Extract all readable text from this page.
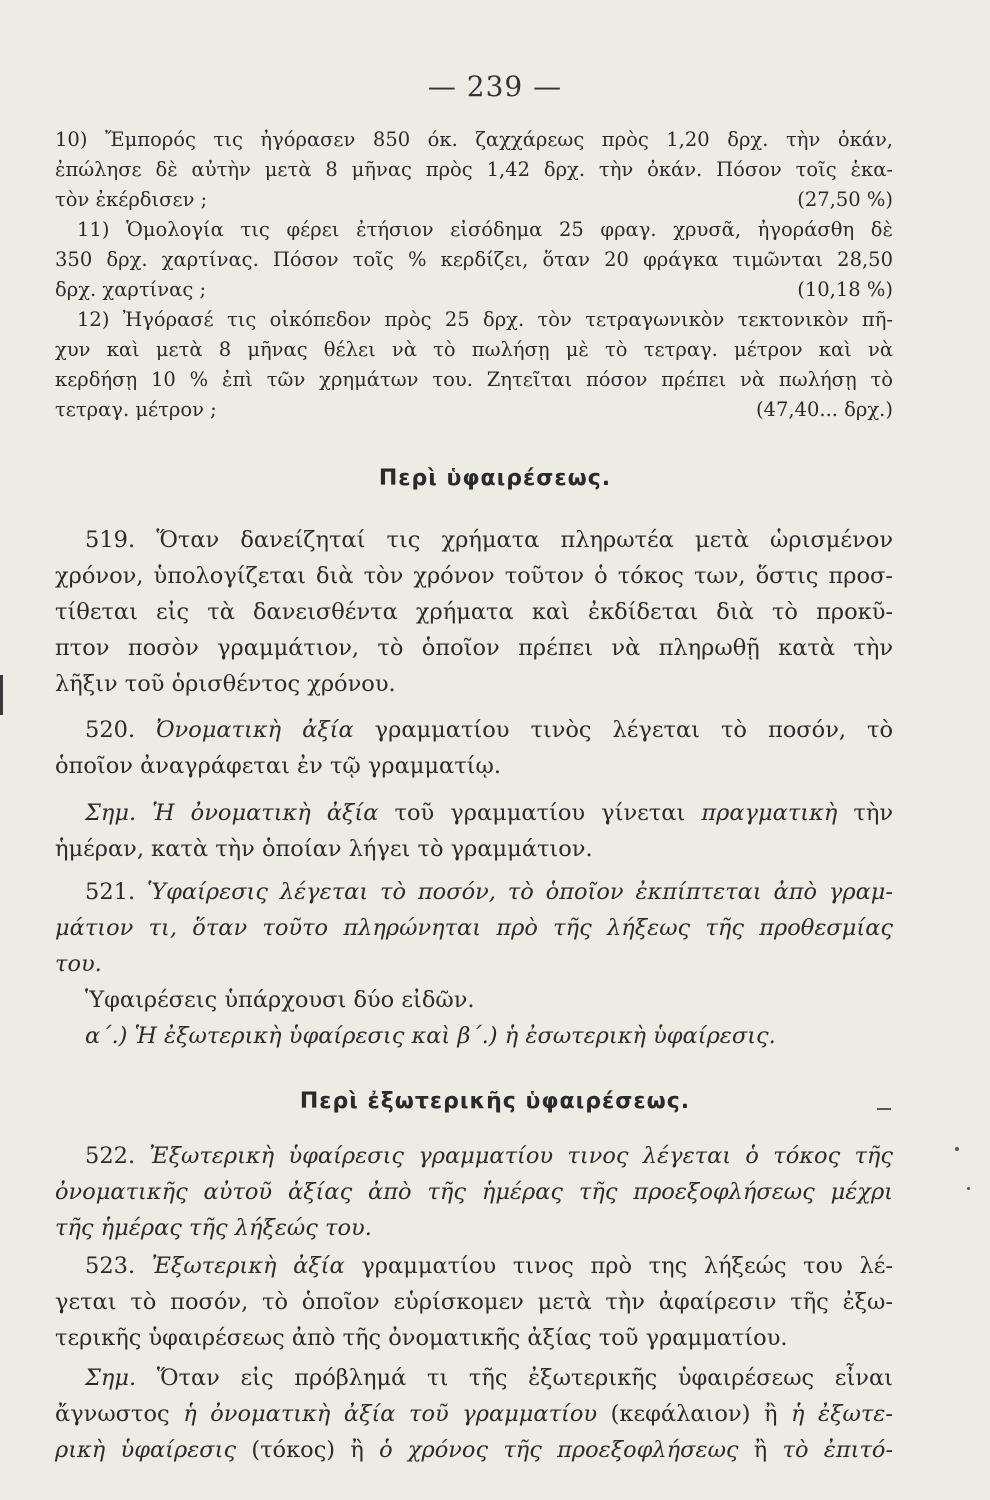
— 239 —
10) Ἔμπορός τις ἠγόρασεν 850 όκ. ζαχχάρεως πρὸς 1,20 δρχ. τὴν ὀκάν,
ἐπώλησε δὲ αὐτὴν μετὰ 8 μῆνας πρὸς 1,42 δρχ. τὴν ὀκάν. Πόσον τοῖς ἑκα-
τὸν ἐκέρδισεν ;	(27,50 %)
11) Ὁμολογία τις φέρει ἐτήσιον εἰσόδημα 25 φραγ. χρυσᾶ, ἠγοράσθη δὲ
350 δρχ. χαρτίνας. Πόσον τοῖς % κερδίζει, ὅταν 20 φράγκα τιμῶνται 28,50
δρχ. χαρτίνας ;	(10,18 %)
12) Ἠγόρασέ τις οἰκόπεδον πρὸς 25 δρχ. τὸν τετραγωνικὸν τεκτονικὸν πῆ-
χυν καὶ μετὰ 8 μῆνας θέλει νὰ τὸ πωλήσῃ μὲ τὸ τετραγ. μέτρον καὶ νὰ
κερδήσῃ 10 % ἐπὶ τῶν χρημάτων του. Ζητεῖται πόσον πρέπει νὰ πωλήσῃ τὸ
τετραγ. μέτρον ;	(47,40... δρχ.)
Περὶ ὑφαιρέσεως.
519. Ὅταν δανείζηταί τις χρήματα πληρωτέα μετὰ ὡρισμένον
χρόνον, ὑπολογίζεται διὰ τὸν χρόνον τοῦτον ὁ τόκος των, ὅστις προσ-
τίθεται εἰς τὰ δανεισθέντα χρήματα καὶ ἐκδίδεται διὰ τὸ προκῦ-
πτον ποσὸν γραμμάτιον, τὸ ὁποῖον πρέπει νὰ πληρωθῇ κατὰ τὴν
λῆξιν τοῦ ὁρισθέντος χρόνου.
520. Ὀνοματικὴ ἀξία γραμματίου τινὸς λέγεται τὸ ποσόν, τὸ
ὁποῖον ἀναγράφεται ἐν τῷ γραμματίῳ.
Σημ. Ἡ ὀνοματικὴ ἀξία τοῦ γραμματίου γίνεται πραγματικὴ τὴν
ἡμέραν, κατὰ τὴν ὁποίαν λήγει τὸ γραμμάτιον.
521. Ὑφαίρεσις λέγεται τὸ ποσόν, τὸ ὁποῖον ἐκπίπτεται ἀπὸ γραμ-
μάτιον τι, ὅταν τοῦτο πληρώνηται πρὸ τῆς λήξεως τῆς προθεσμίας
του.
Ὑφαιρέσεις ὑπάρχουσι δύο εἰδῶν.
α΄.) Ἡ ἐξωτερικὴ ὑφαίρεσις καὶ β΄.) ἡ ἐσωτερικὴ ὑφαίρεσις.
Περὶ ἐξωτερικῆς ὑφαιρέσεως.
522. Ἐξωτερικὴ ὑφαίρεσις γραμματίου τινος λέγεται ὁ τόκος τῆς
ὀνοματικῆς αὐτοῦ ἀξίας ἀπὸ τῆς ἡμέρας τῆς προεξοφλήσεως μέχρι
τῆς ἡμέρας τῆς λήξεώς του.
523. Ἐξωτερικὴ ἀξία γραμματίου τινος πρὸ της λήξεώς του λέ-
γεται τὸ ποσόν, τὸ ὁποῖον εὑρίσκομεν μετὰ τὴν ἀφαίρεσιν τῆς ἐξω-
τερικῆς ὑφαιρέσεως ἀπὸ τῆς ὀνοματικῆς ἀξίας τοῦ γραμματίου.
Σημ. Ὅταν εἰς πρόβλημά τι τῆς ἐξωτερικῆς ὑφαιρέσεως εἶναι
ἄγνωστος ἡ ὀνοματικὴ ἀξία τοῦ γραμματίου (κεφάλαιον) ἢ ἡ ἐξωτε-
ρικὴ ὑφαίρεσις (τόκος) ἢ ὁ χρόνος τῆς προεξοφλήσεως ἢ τὸ ἐπιτό-
